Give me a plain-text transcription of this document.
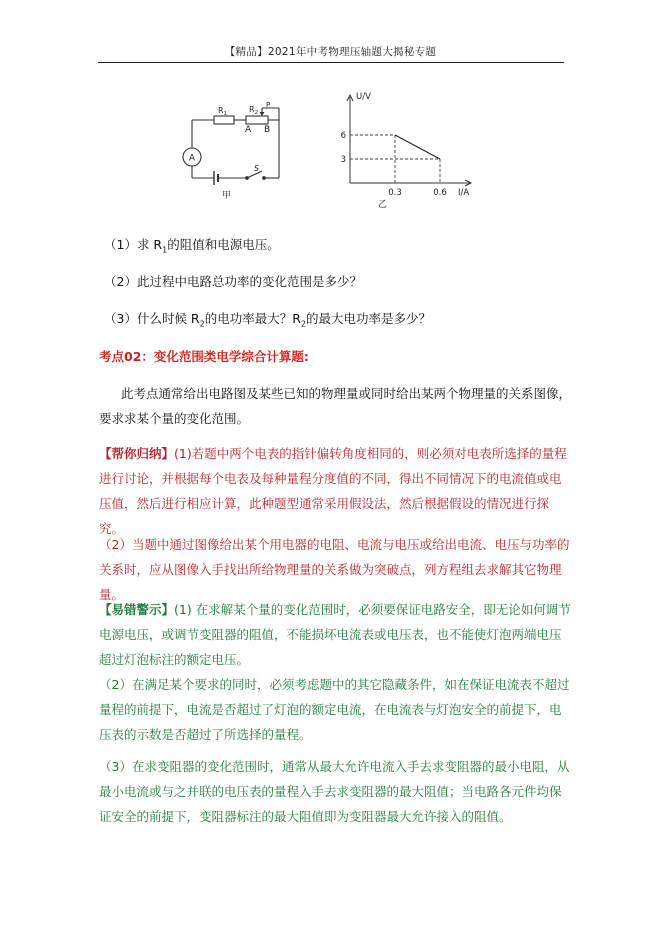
【精品】2021年中考物理压轴题大揭秘专题
A
$R_1$	$R_2$
P
A B
S
甲	0.3	0.6
6
3
U/V
I/A
乙
（1）求 $R_1$的阻值和电源电压。
（2）此过程中电路总功率的变化范围是多少？
（3）什么时候 $R_2$的电功率最大？$R_2$的最大电功率是多少？
考点02：变化范围类电学综合计算题:
此考点通常给出电路图及某些已知的物理量或同时给出某两个物理量的关系图像，要求求某个量的变化范围。
【帮你归纳】(1)若题中两个电表的指针偏转角度相同的，则必须对电表所选择的量程进行讨论，并根据每个电表及每种量程分度值的不同，得出不同情况下的电流值或电压值，然后进行相应计算，此种题型通常采用假设法，然后根据假设的情况进行探究。
（2）当题中通过图像给出某个用电器的电阻、电流与电压或给出电流、电压与功率的关系时，应从图像入手找出所给物理量的关系做为突破点，列方程组去求解其它物理量。
【易错警示】(1) 在求解某个量的变化范围时，必须要保证电路安全，即无论如何调节电源电压，或调节变阻器的阻值，不能损坏电流表或电压表，也不能使灯泡两端电压超过灯泡标注的额定电压。
（2）在满足某个要求的同时，必须考虑题中的其它隐藏条件，如在保证电流表不超过量程的前提下，电流是否超过了灯泡的额定电流，在电流表与灯泡安全的前提下，电压表的示数是否超过了所选择的量程。
（3）在求变阻器的变化范围时，通常从最大允许电流入手去求变阻器的最小电阻，从最小电流或与之并联的电压表的量程入手去求变阻器的最大阻值；当电路各元件均保证安全的前提下，变阻器标注的最大阻值即为变阻器最大允许接入的阻值。
